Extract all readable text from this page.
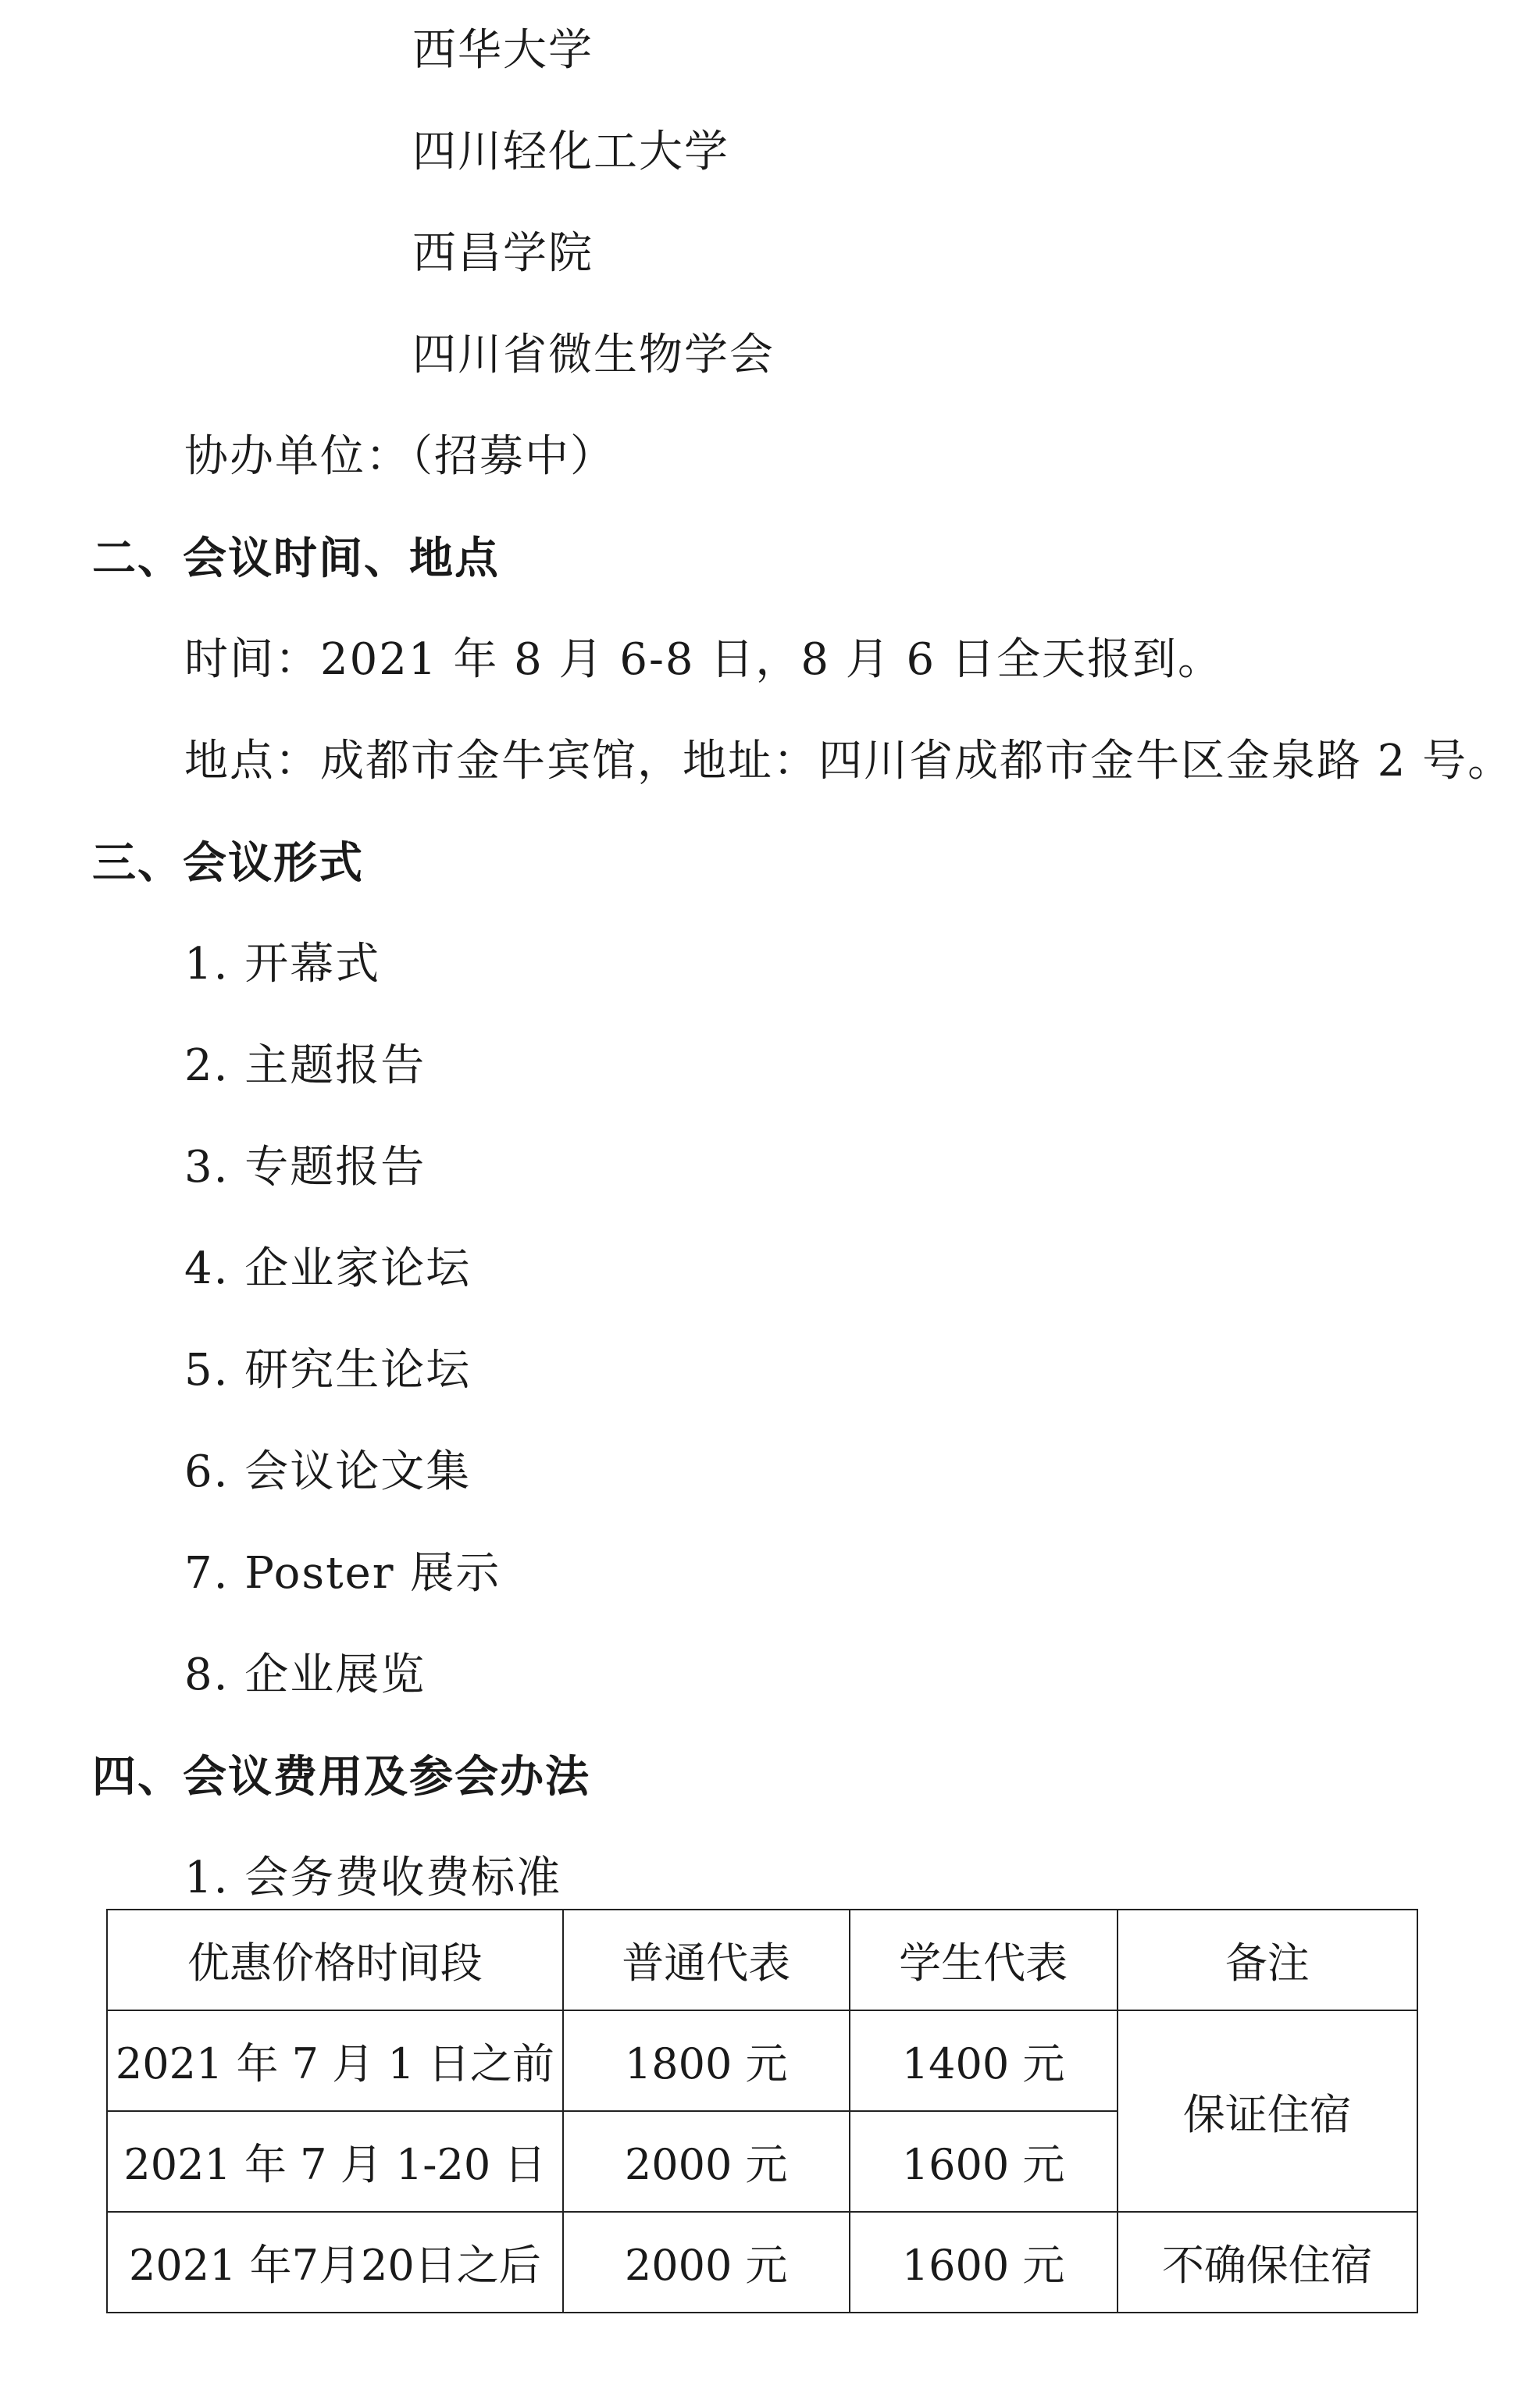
西华大学
四川轻化工大学
西昌学院
四川省微生物学会
协办单位：（招募中）
二、会议时间、地点
时间：2021 年 8 月 6-8 日，8 月 6 日全天报到。
地点：成都市金牛宾馆，地址：四川省成都市金牛区金泉路 2 号。
三、会议形式
1. 开幕式
2. 主题报告
3. 专题报告
4. 企业家论坛
5. 研究生论坛
6. 会议论文集
7. Poster 展示
8. 企业展览
四、会议费用及参会办法
1. 会务费收费标准
优惠价格时间段	普通代表	学生代表	备注
2021 年 7 月 1 日之前	1800 元	1400 元	保证住宿
2021 年 7 月 1-20 日	2000 元	1600 元	
2021 年7月20日之后	2000 元	1600 元	不确保住宿
